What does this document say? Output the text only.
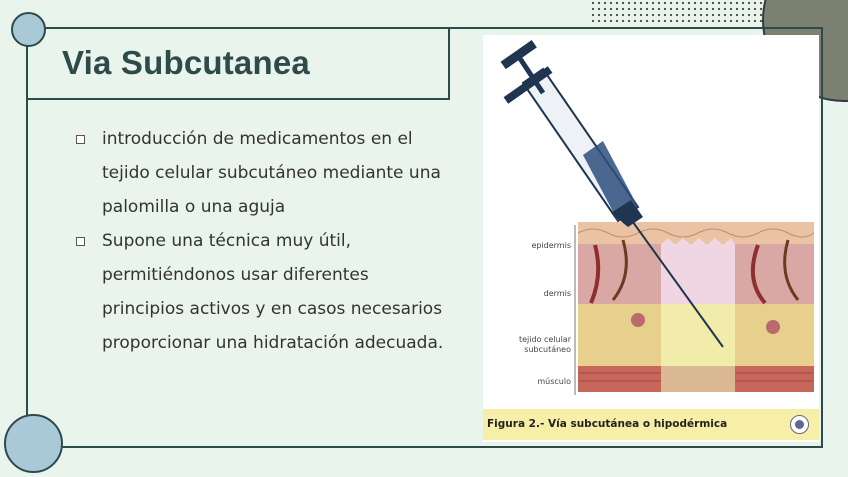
Via Subcutanea
introducción de medicamentos en el tejido celular subcutáneo mediante una palomilla o una aguja
Supone una técnica muy útil, permitiéndonos usar diferentes principios activos y en casos necesarios proporcionar una hidratación adecuada.
epidermis
dermis
tejido celular
subcutáneo
músculo
Figura 2.- Vía subcutánea o hipodérmica
